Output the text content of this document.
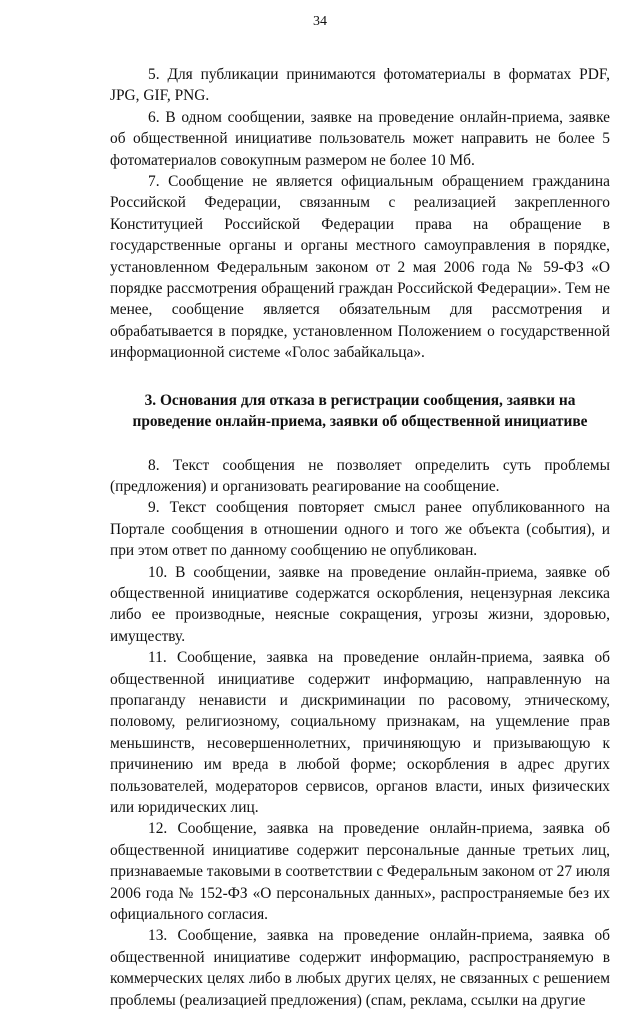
34

5. Для публикации принимаются фотоматериалы в форматах PDF, JPG, GIF, PNG.

6. В одном сообщении, заявке на проведение онлайн-приема, заявке об общественной инициативе пользователь может направить не более 5 фотоматериалов совокупным размером не более 10 Мб.

7. Сообщение не является официальным обращением гражданина Российской Федерации, связанным с реализацией закрепленного Конституцией Российской Федерации права на обращение в государственные органы и органы местного самоуправления в порядке, установленном Федеральным законом от 2 мая 2006 года № 59-ФЗ «О порядке рассмотрения обращений граждан Российской Федерации». Тем не менее, сообщение является обязательным для рассмотрения и обрабатывается в порядке, установленном Положением о государственной информационной системе «Голос забайкальца».

3. Основания для отказа в регистрации сообщения, заявки на проведение онлайн-приема, заявки об общественной инициативе

8. Текст сообщения не позволяет определить суть проблемы (предложения) и организовать реагирование на сообщение.

9. Текст сообщения повторяет смысл ранее опубликованного на Портале сообщения в отношении одного и того же объекта (события), и при этом ответ по данному сообщению не опубликован.

10. В сообщении, заявке на проведение онлайн-приема, заявке об общественной инициативе содержатся оскорбления, нецензурная лексика либо ее производные, неясные сокращения, угрозы жизни, здоровью, имуществу.

11. Сообщение, заявка на проведение онлайн-приема, заявка об общественной инициативе содержит информацию, направленную на пропаганду ненависти и дискриминации по расовому, этническому, половому, религиозному, социальному признакам, на ущемление прав меньшинств, несовершеннолетних, причиняющую и призывающую к причинению им вреда в любой форме; оскорбления в адрес других пользователей, модераторов сервисов, органов власти, иных физических или юридических лиц.

12. Сообщение, заявка на проведение онлайн-приема, заявка об общественной инициативе содержит персональные данные третьих лиц, признаваемые таковыми в соответствии с Федеральным законом от 27 июля 2006 года № 152-ФЗ «О персональных данных», распространяемые без их официального согласия.

13. Сообщение, заявка на проведение онлайн-приема, заявка об общественной инициативе содержит информацию, распространяемую в коммерческих целях либо в любых других целях, не связанных с решением проблемы (реализацией предложения) (спам, реклама, ссылки на другие
